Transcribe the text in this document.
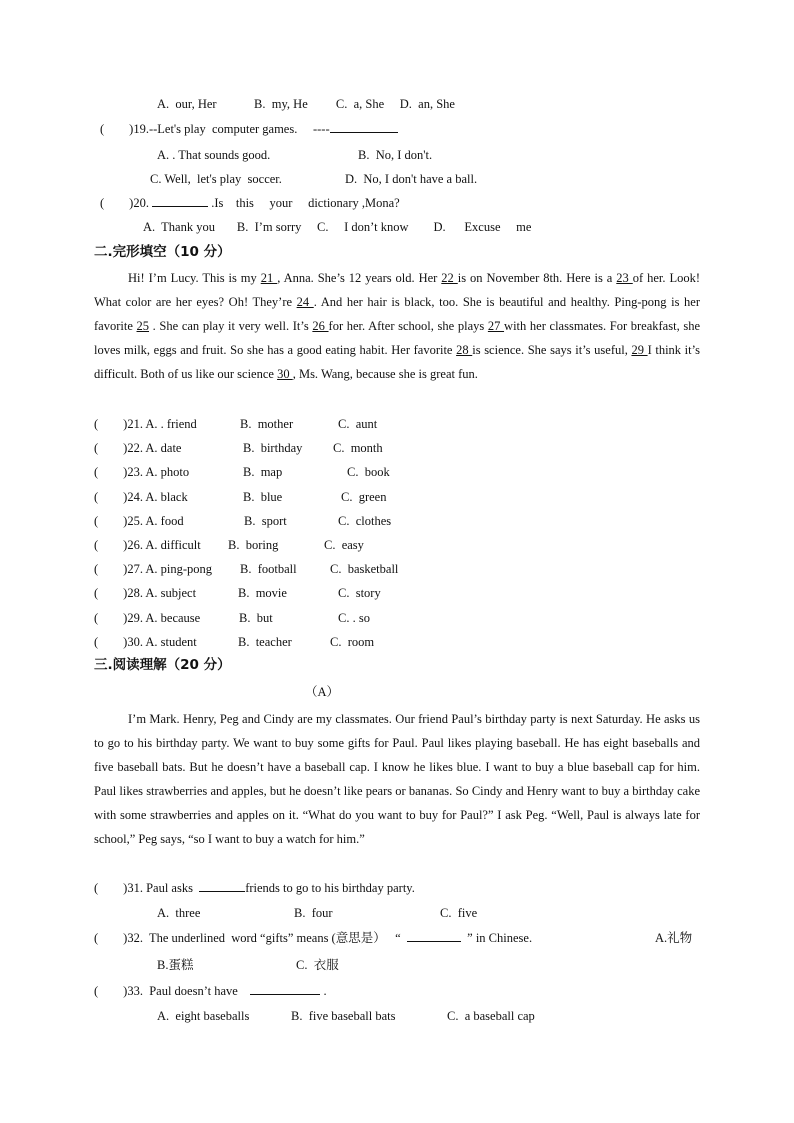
A.  our, Her            B.  my, He         C.  a, She     D.  an, She
(        )19.--Let's play  computer games.     ----
A. . That sounds good.	B.  No, I don't.
C. Well,  let's play  soccer.	D.  No, I don't have a ball.
(        )20.	.Is    this     your     dictionary ,Mona?
A.  Thank you       B.  I’m sorry     C.     I don’t know        D.      Excuse     me
二.完形填空（10 分）
Hi! I’m Lucy. This is my 21 , Anna. She’s 12 years old. Her 22 is on November 8th. Here is a 23 of her. Look! What color are her eyes? Oh! They’re 24 . And her hair is black, too. She is beautiful and healthy. Ping-pong is her favorite 25 . She can play it very well. It’s 26 for her. After school, she plays 27 with her classmates. For breakfast, she loves milk, eggs and fruit. So she has a good eating habit. Her favorite 28 is science. She says it’s useful, 29 I think it’s difficult. Both of us like our science 30 , Ms. Wang, because she is great fun.
(        )21. A. . friend	B.  mother	C.  aunt
(        )22. A. date	B.  birthday C.  month
(        )23. A. photo	B.  map	C.  book
(        )24. A. black	B.  blue	C.  green
(        )25. A. food	B.  sport	C.  clothes
(        )26. A. difficult B.  boring	C.  easy
(        )27. A. ping-pong B.  football	C.  basketball
(        )28. A. subject	B.  movie	C.  story
(        )29. A. because	B.  but	C. . so
(        )30. A. student	B.  teacher	C.  room
三.阅读理解（20 分）
（A）
I’m Mark. Henry, Peg and Cindy are my classmates. Our friend Paul’s birthday party is next Saturday. He asks us to go to his birthday party. We want to buy some gifts for Paul. Paul likes playing baseball. He has eight baseballs and five baseball bats. But he doesn’t have a baseball cap. I know he likes blue. I want to buy a blue baseball cap for him. Paul likes strawberries and apples, but he doesn’t like pears or bananas. So Cindy and Henry want to buy a birthday cake with some strawberries and apples on it. “What do you want to buy for Paul?” I ask Peg. “Well, Paul is always late for school,” Peg says, “so I want to buy a watch for him.”
(        )31. Paul asks	friends to go to his birthday party.
A.  three	B.  four	C.  five
(        )32.  The underlined  word “gifts” means (意思是）   “	” in Chinese.	A.礼物
B.蛋糕	C.  衣服
(        )33.  Paul doesn’t have	.
A.  eight baseballs	B.  five baseball bats	C.  a baseball cap
